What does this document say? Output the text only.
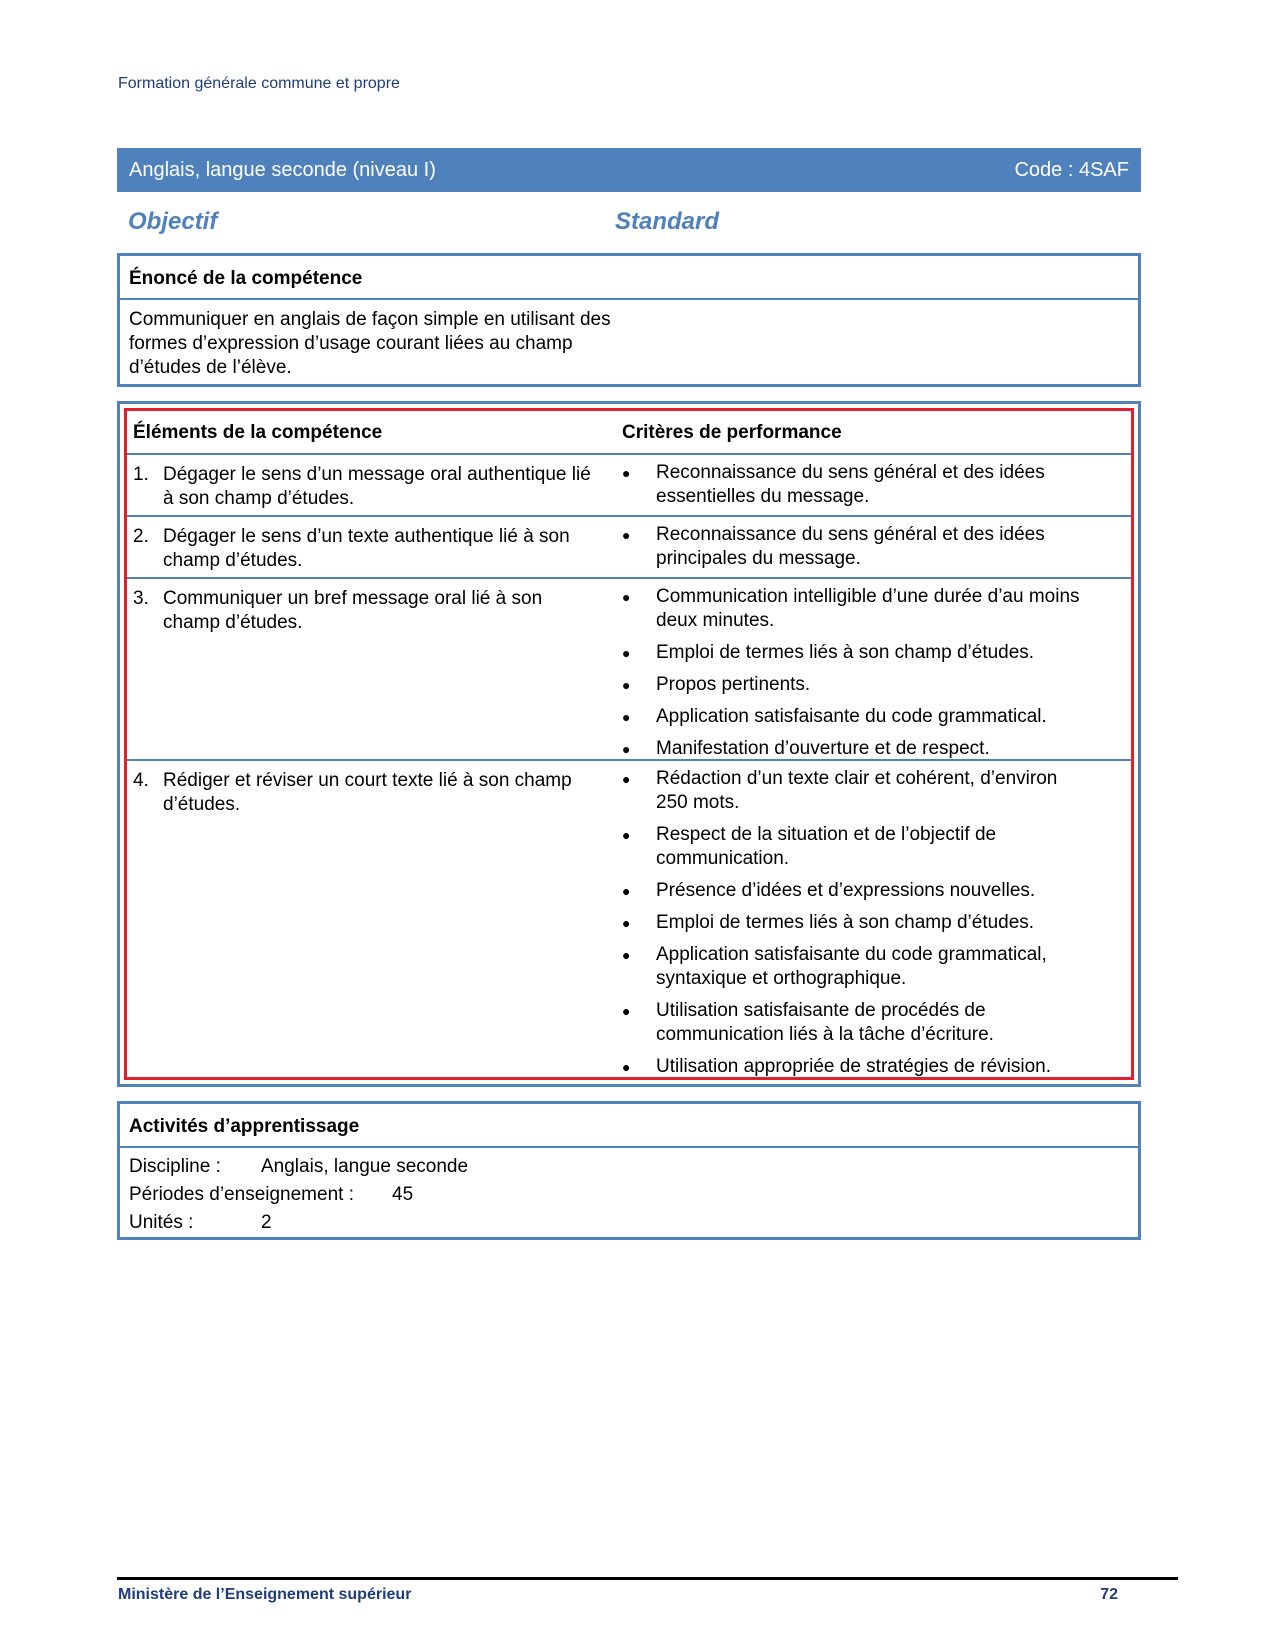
Formation générale commune et propre
Anglais, langue seconde (niveau I)	Code : 4SAF
Objectif	Standard
Énoncé de la compétence
Communiquer en anglais de façon simple en utilisant des formes d’expression d’usage courant liées au champ d’études de l’élève.
Éléments de la compétence	Critères de performance
1. Dégager le sens d’un message oral authentique lié à son champ d’études.
●	Reconnaissance du sens général et des idées essentielles du message.
2. Dégager le sens d’un texte authentique lié à son champ d’études.
●	Reconnaissance du sens général et des idées principales du message.
3. Communiquer un bref message oral lié à son champ d’études.
●	Communication intelligible d’une durée d’au moins deux minutes.
●	Emploi de termes liés à son champ d’études.
●	Propos pertinents.
●	Application satisfaisante du code grammatical.
●	Manifestation d’ouverture et de respect.
4. Rédiger et réviser un court texte lié à son champ d’études.
●	Rédaction d’un texte clair et cohérent, d’environ 250 mots.
●	Respect de la situation et de l’objectif de communication.
●	Présence d’idées et d’expressions nouvelles.
●	Emploi de termes liés à son champ d’études.
●	Application satisfaisante du code grammatical, syntaxique et orthographique.
●	Utilisation satisfaisante de procédés de communication liés à la tâche d’écriture.
●	Utilisation appropriée de stratégies de révision.
Activités d’apprentissage
Discipline :	Anglais, langue seconde
Périodes d’enseignement :	45
Unités :	2
Ministère de l’Enseignement supérieur	72
